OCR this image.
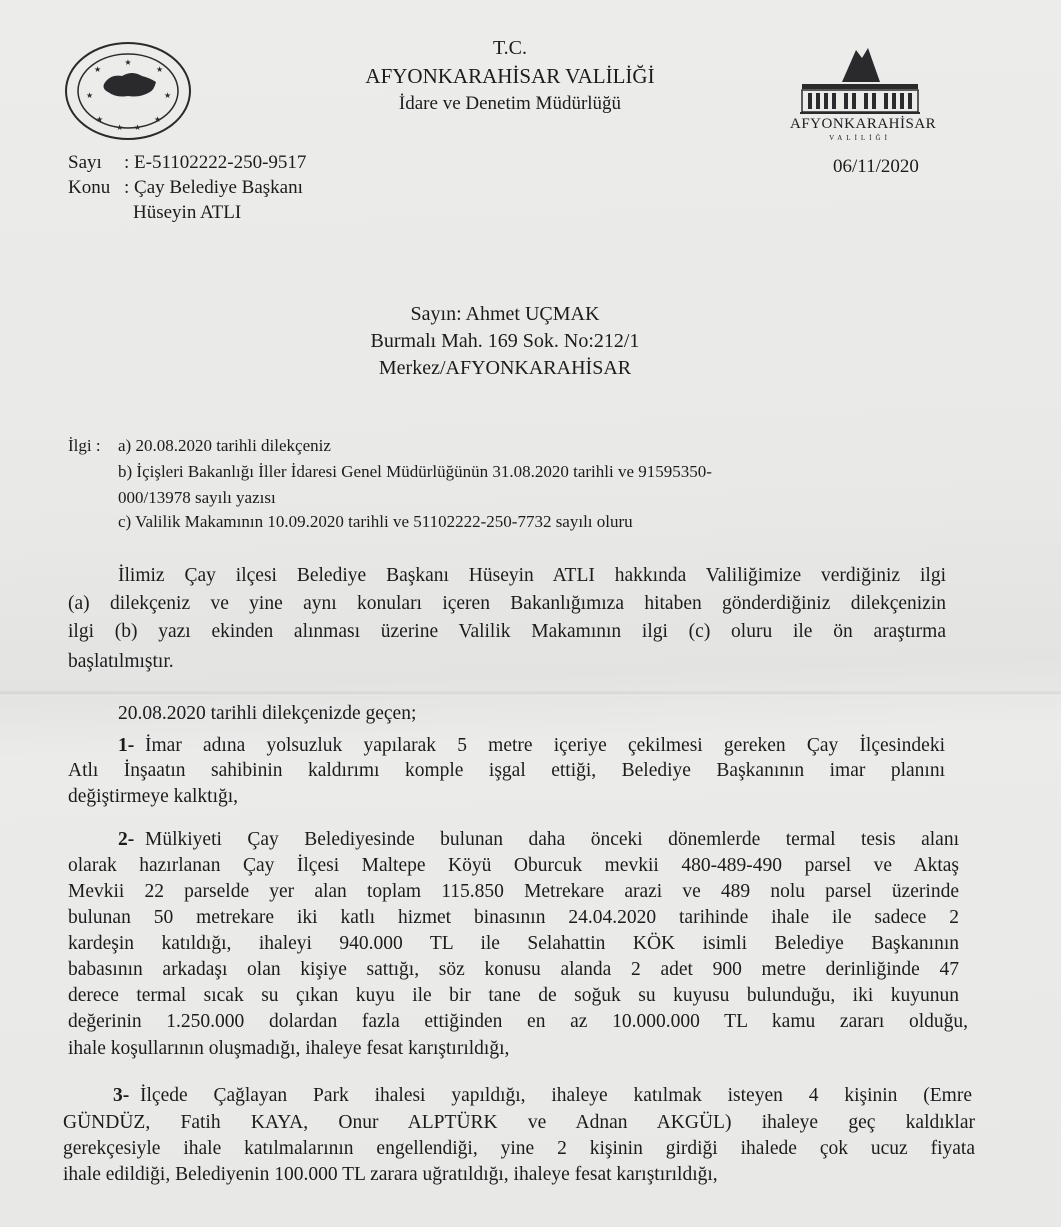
★
★	★
★	★
★	★
★ ★
T.C.
AFYONKARAHİSAR VALİLİĞİ
İdare ve Denetim Müdürlüğü
AFYONKARAHİSAR
VALİLİĞİ
06/11/2020
Sayı : E-51102222-250-9517
Konu : Çay Belediye Başkanı
Hüseyin ATLI
Sayın: Ahmet UÇMAK
Burmalı Mah. 169 Sok. No:212/1
Merkez/AFYONKARAHİSAR
İlgi : a) 20.08.2020 tarihli dilekçeniz
b) İçişleri Bakanlığı İller İdaresi Genel Müdürlüğünün 31.08.2020 tarihli ve 91595350-
000/13978 sayılı yazısı
c) Valilik Makamının 10.09.2020 tarihli ve 51102222-250-7732 sayılı oluru
İlimiz Çay ilçesi Belediye Başkanı Hüseyin ATLI hakkında Valiliğimize verdiğiniz ilgi
(a) dilekçeniz ve yine aynı konuları içeren Bakanlığımıza hitaben gönderdiğiniz dilekçenizin
ilgi (b) yazı ekinden alınması üzerine Valilik Makamının ilgi (c) oluru ile ön araştırma
başlatılmıştır.
20.08.2020 tarihli dilekçenizde geçen;
1- İmar adına yolsuzluk yapılarak 5 metre içeriye çekilmesi gereken Çay İlçesindeki
Atlı İnşaatın sahibinin kaldırımı komple işgal ettiği, Belediye Başkanının imar planını
değiştirmeye kalktığı,
2- Mülkiyeti Çay Belediyesinde bulunan daha önceki dönemlerde termal tesis alanı
olarak hazırlanan Çay İlçesi Maltepe Köyü Oburcuk mevkii 480-489-490 parsel ve Aktaş
Mevkii 22 parselde yer alan toplam 115.850 Metrekare arazi ve 489 nolu parsel üzerinde
bulunan 50 metrekare iki katlı hizmet binasının 24.04.2020 tarihinde ihale ile sadece 2
kardeşin katıldığı, ihaleyi 940.000 TL ile Selahattin KÖK isimli Belediye Başkanının
babasının arkadaşı olan kişiye sattığı, söz konusu alanda 2 adet 900 metre derinliğinde 47
derece termal sıcak su çıkan kuyu ile bir tane de soğuk su kuyusu bulunduğu, iki kuyunun
değerinin 1.250.000 dolardan fazla ettiğinden en az 10.000.000 TL kamu zararı olduğu,
ihale koşullarının oluşmadığı, ihaleye fesat karıştırıldığı,
3- İlçede Çağlayan Park ihalesi yapıldığı, ihaleye katılmak isteyen 4 kişinin (Emre
GÜNDÜZ, Fatih KAYA, Onur ALPTÜRK ve Adnan AKGÜL) ihaleye geç kaldıklar
gerekçesiyle ihale katılmalarının engellendiği, yine 2 kişinin girdiği ihalede çok ucuz fiyata
ihale edildiği, Belediyenin 100.000 TL zarara uğratıldığı, ihaleye fesat karıştırıldığı,
